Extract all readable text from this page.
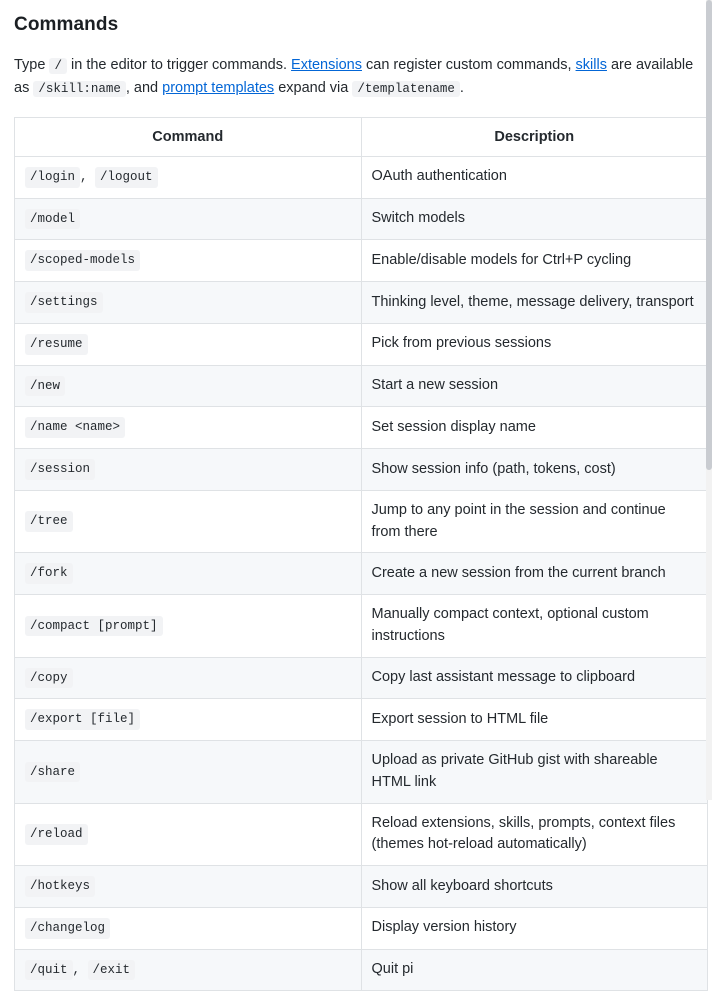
Commands

Type / in the editor to trigger commands. Extensions can register custom commands, skills are available as /skill:name , and prompt templates expand via /templatename .

Command	Description
/login , /logout	OAuth authentication
/model	Switch models
/scoped-models	Enable/disable models for Ctrl+P cycling
/settings	Thinking level, theme, message delivery, transport
/resume	Pick from previous sessions
/new	Start a new session
/name <name>	Set session display name
/session	Show session info (path, tokens, cost)
/tree	Jump to any point in the session and continue from there
/fork	Create a new session from the current branch
/compact [prompt]	Manually compact context, optional custom instructions
/copy	Copy last assistant message to clipboard
/export [file]	Export session to HTML file
/share	Upload as private GitHub gist with shareable HTML link
/reload	Reload extensions, skills, prompts, context files (themes hot-reload automatically)
/hotkeys	Show all keyboard shortcuts
/changelog	Display version history
/quit , /exit	Quit pi
